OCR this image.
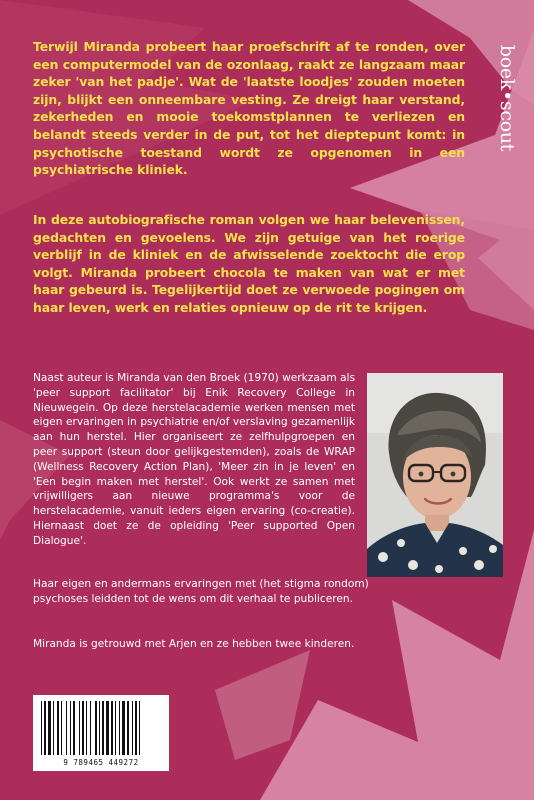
boek•scout

Terwijl Miranda probeert haar proefschrift af te ronden, over een computermodel van de ozonlaag, raakt ze langzaam maar zeker 'van het padje'. Wat de 'laatste loodjes' zouden moeten zijn, blijkt een onneembare vesting. Ze dreigt haar verstand, zekerheden en mooie toekomstplannen te verliezen en belandt steeds verder in de put, tot het dieptepunt komt: in psychotische toestand wordt ze opgenomen in een psychiatrische kliniek.

In deze autobiografische roman volgen we haar belevenissen, gedachten en gevoelens. We zijn getuige van het roerige verblijf in de kliniek en de afwisselende zoektocht die erop volgt. Miranda probeert chocola te maken van wat er met haar gebeurd is. Tegelijkertijd doet ze verwoede pogingen om haar leven, werk en relaties opnieuw op de rit te krijgen.

Naast auteur is Miranda van den Broek (1970) werkzaam als 'peer support facilitator' bij Enik Recovery College in Nieuwegein. Op deze herstelacademie werken mensen met eigen ervaringen in psychiatrie en/of verslaving gezamenlijk aan hun herstel. Hier organiseert ze zelfhulpgroepen en peer support (steun door gelijkgestemden), zoals de WRAP (Wellness Recovery Action Plan), 'Meer zin in je leven' en 'Een begin maken met herstel'. Ook werkt ze samen met vrijwilligers aan nieuwe programma's voor de herstelacademie, vanuit ieders eigen ervaring (co-creatie). Hiernaast doet ze de opleiding 'Peer supported Open Dialogue'.

Haar eigen en andermans ervaringen met (het stigma rondom) psychoses leidden tot de wens om dit verhaal te publiceren.

Miranda is getrouwd met Arjen en ze hebben twee kinderen.

9 789465 449272
